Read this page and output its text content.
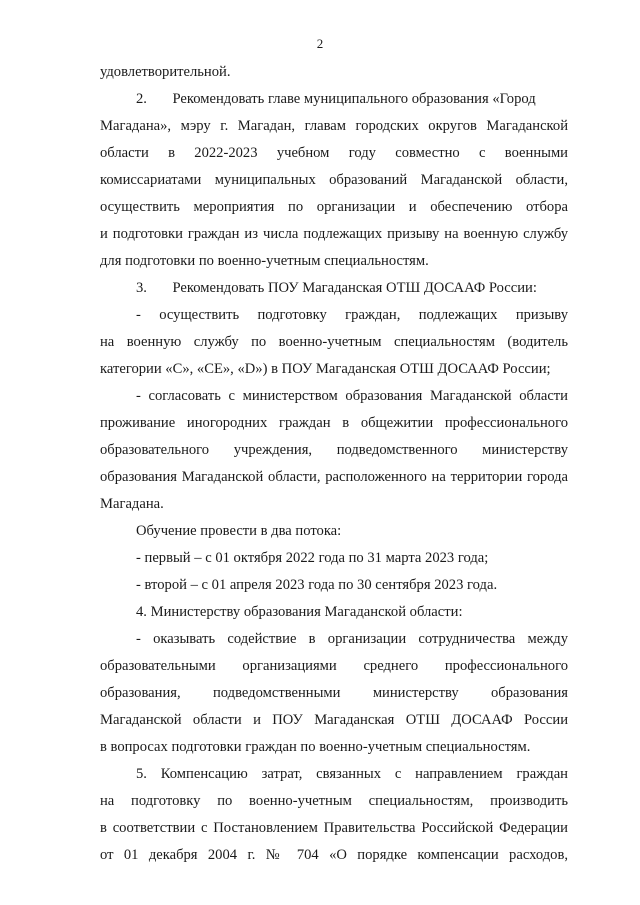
2
удовлетворительной.
2.       Рекомендовать главе муниципального образования «Город
Магадана», мэру г. Магадан, главам городских округов Магаданской
области в 2022-2023 учебном году совместно с военными
комиссариатами муниципальных образований Магаданской области,
осуществить мероприятия по организации и обеспечению отбора
и подготовки граждан из числа подлежащих призыву на военную службу
для подготовки по военно-учетным специальностям.
3.       Рекомендовать ПОУ Магаданская ОТШ ДОСААФ России:
- осуществить подготовку граждан, подлежащих призыву
на военную службу по военно-учетным специальностям (водитель
категории «С», «СЕ», «D») в ПОУ Магаданская ОТШ ДОСААФ России;
- согласовать с министерством образования Магаданской области
проживание иногородних граждан в общежитии профессионального
образовательного учреждения, подведомственного министерству
образования Магаданской области, расположенного на территории города
Магадана.
Обучение провести в два потока:
- первый – с 01 октября 2022 года по 31 марта 2023 года;
- второй – с 01 апреля 2023 года по 30 сентября 2023 года.
4. Министерству образования Магаданской области:
- оказывать содействие в организации сотрудничества между
образовательными организациями среднего профессионального
образования, подведомственными министерству образования
Магаданской области и ПОУ Магаданская ОТШ ДОСААФ России
в вопросах подготовки граждан по военно-учетным специальностям.
5. Компенсацию затрат, связанных с направлением граждан
на подготовку по военно-учетным специальностям, производить
в соответствии с Постановлением Правительства Российской Федерации
от 01 декабря 2004 г. № 704 «О порядке компенсации расходов,
